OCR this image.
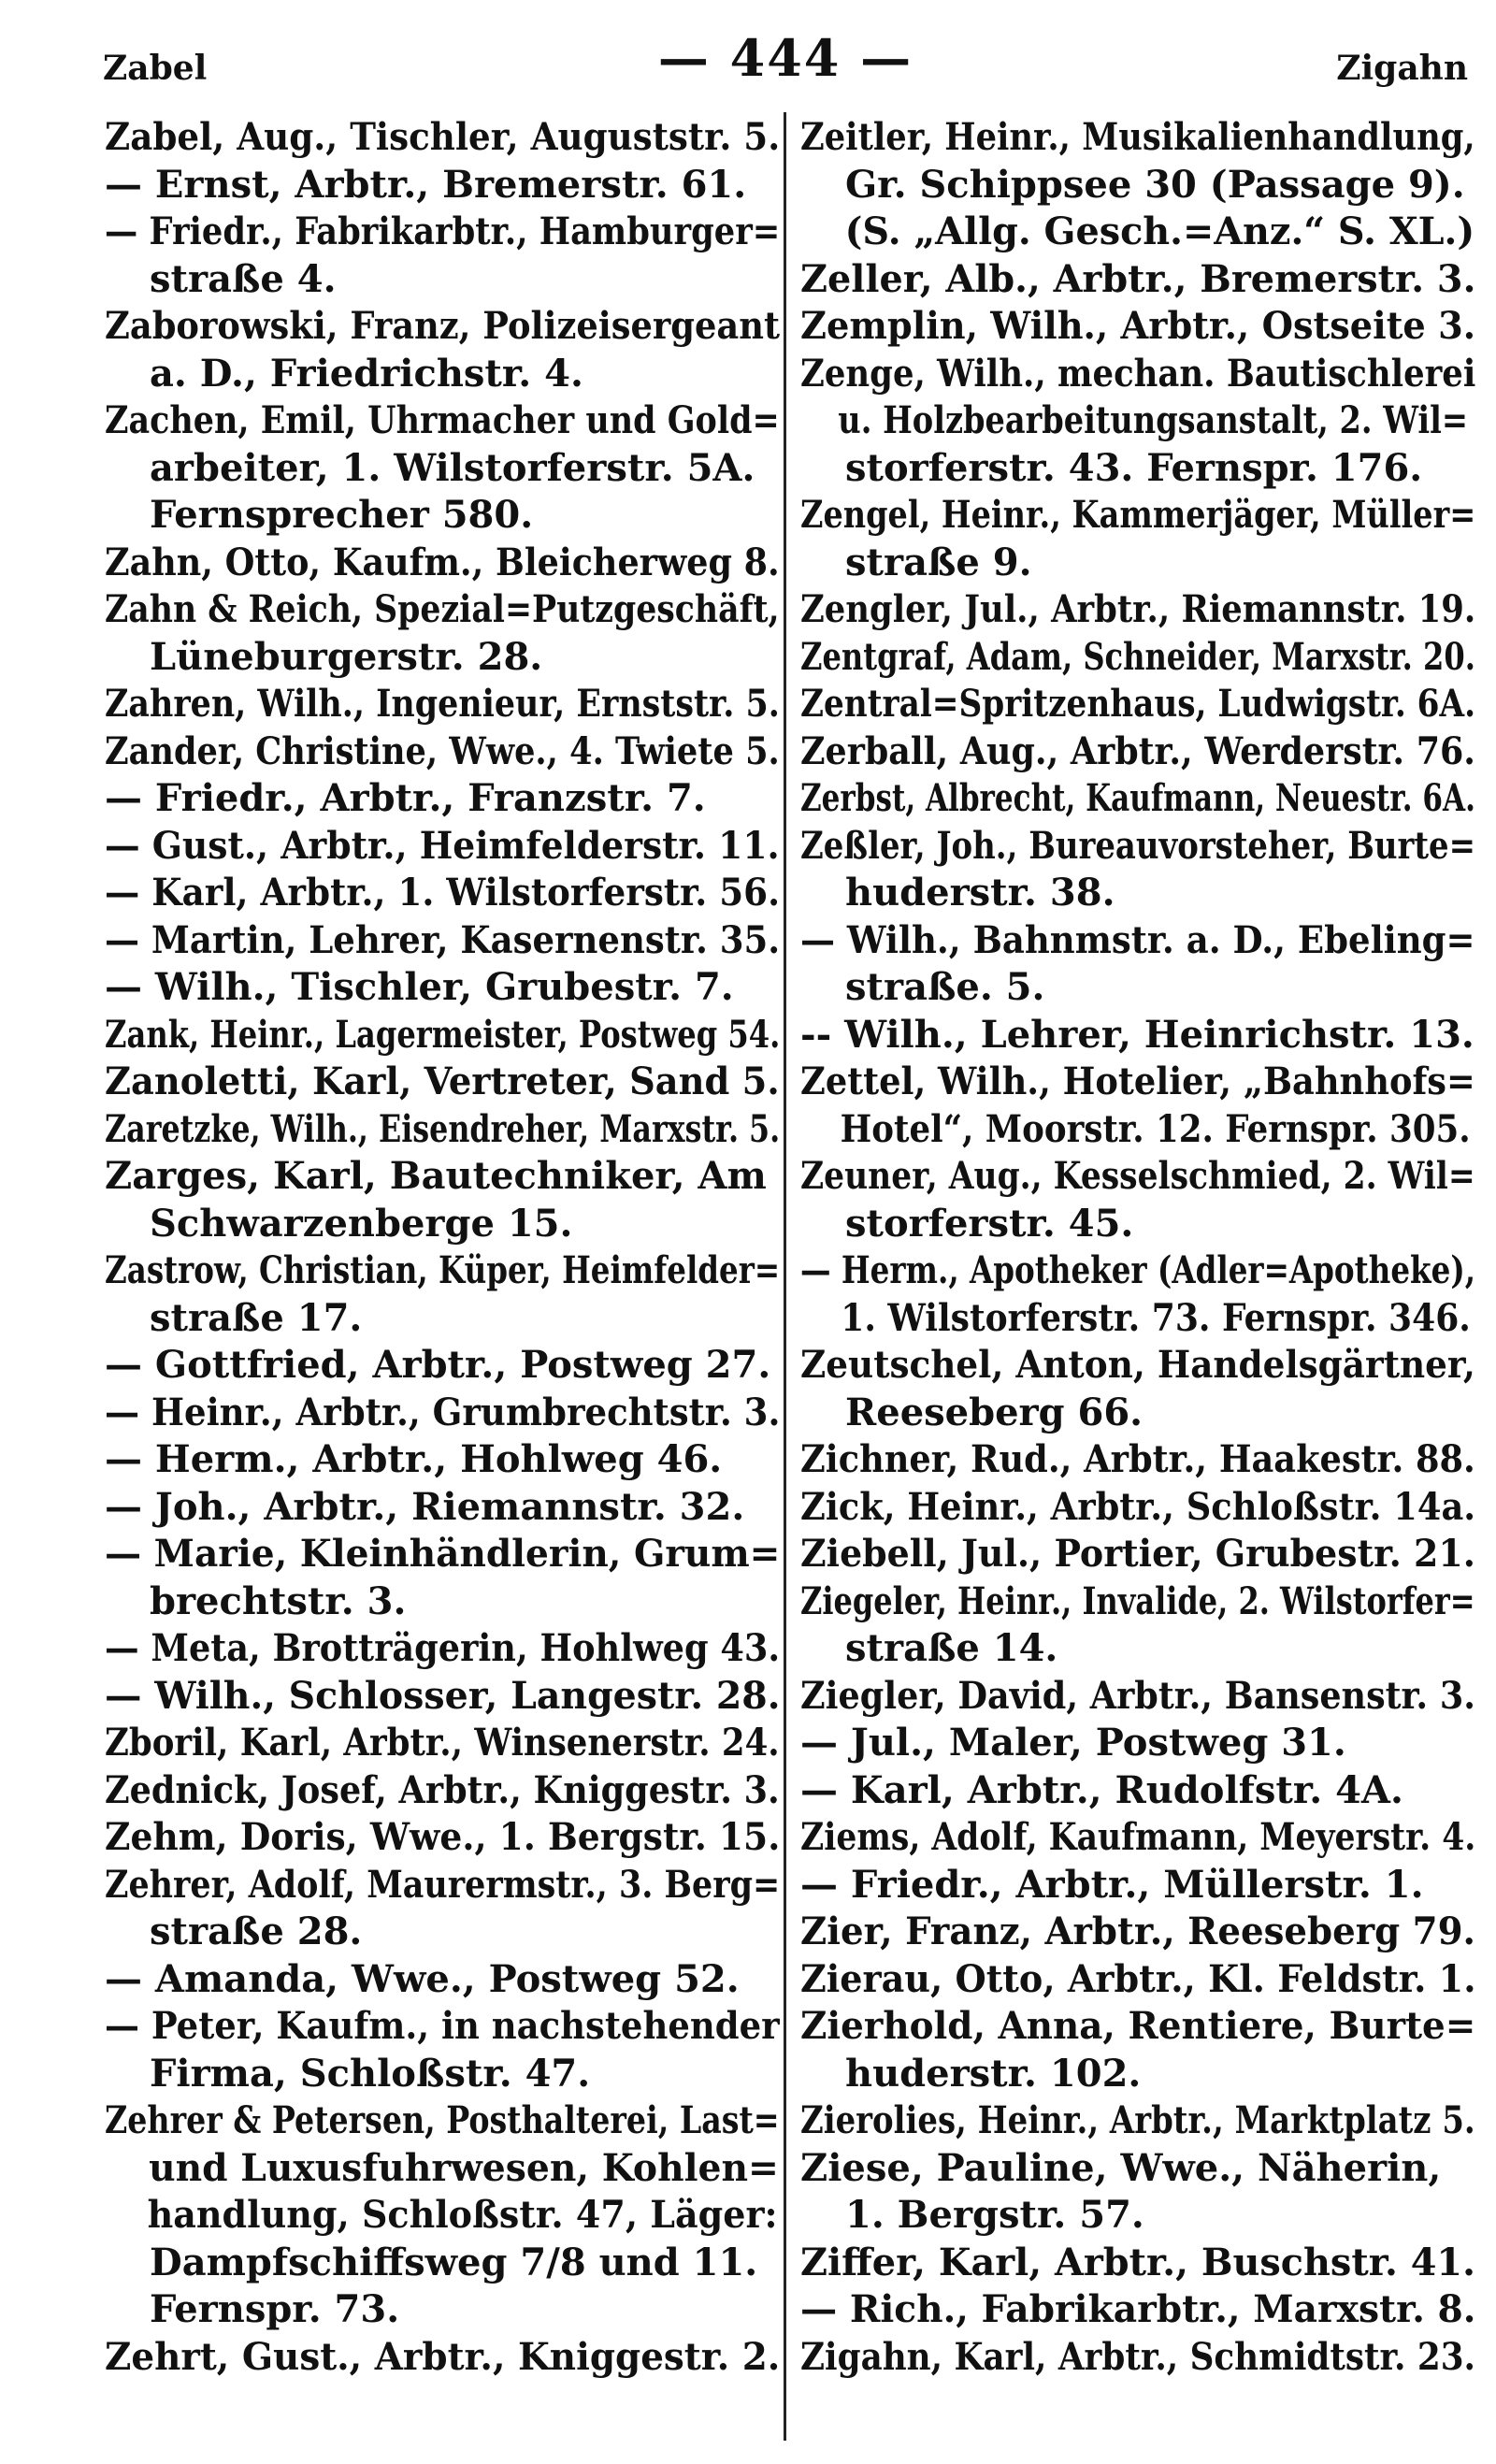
Zabel	— 444 —	Zigahn
Zabel, Aug., Tischler, Auguststr. 5.
— Ernst, Arbtr., Bremerstr. 61.
— Friedr., Fabrikarbtr., Hamburger=
straße 4.
Zaborowski, Franz, Polizeisergeant
a. D., Friedrichstr. 4.
Zachen, Emil, Uhrmacher und Gold=
arbeiter, 1. Wilstorferstr. 5A.
Fernsprecher 580.
Zahn, Otto, Kaufm., Bleicherweg 8.
Zahn & Reich, Spezial=Putzgeschäft,
Lüneburgerstr. 28.
Zahren, Wilh., Ingenieur, Ernststr. 5.
Zander, Christine, Wwe., 4. Twiete 5.
— Friedr., Arbtr., Franzstr. 7.
— Gust., Arbtr., Heimfelderstr. 11.
— Karl, Arbtr., 1. Wilstorferstr. 56.
— Martin, Lehrer, Kasernenstr. 35.
— Wilh., Tischler, Grubestr. 7.
Zank, Heinr., Lagermeister, Postweg 54.
Zanoletti, Karl, Vertreter, Sand 5.
Zaretzke, Wilh., Eisendreher, Marxstr. 5.
Zarges, Karl, Bautechniker, Am
Schwarzenberge 15.
Zastrow, Christian, Küper, Heimfelder=
straße 17.
— Gottfried, Arbtr., Postweg 27.
— Heinr., Arbtr., Grumbrechtstr. 3.
— Herm., Arbtr., Hohlweg 46.
— Joh., Arbtr., Riemannstr. 32.
— Marie, Kleinhändlerin, Grum=
brechtstr. 3.
— Meta, Brotträgerin, Hohlweg 43.
— Wilh., Schlosser, Langestr. 28.
Zboril, Karl, Arbtr., Winsenerstr. 24.
Zednick, Josef, Arbtr., Kniggestr. 3.
Zehm, Doris, Wwe., 1. Bergstr. 15.
Zehrer, Adolf, Maurermstr., 3. Berg=
straße 28.
— Amanda, Wwe., Postweg 52.
— Peter, Kaufm., in nachstehender
Firma, Schloßstr. 47.
Zehrer & Petersen, Posthalterei, Last=
und Luxusfuhrwesen, Kohlen=
handlung, Schloßstr. 47, Läger:
Dampfschiffsweg 7/8 und 11.
Fernspr. 73.
Zehrt, Gust., Arbtr., Kniggestr. 2.
Zeitler, Heinr., Musikalienhandlung,
Gr. Schippsee 30 (Passage 9).
(S. „Allg. Gesch.=Anz.“ S. XL.)
Zeller, Alb., Arbtr., Bremerstr. 3.
Zemplin, Wilh., Arbtr., Ostseite 3.
Zenge, Wilh., mechan. Bautischlerei
u. Holzbearbeitungsanstalt, 2. Wil=
storferstr. 43. Fernspr. 176.
Zengel, Heinr., Kammerjäger, Müller=
straße 9.
Zengler, Jul., Arbtr., Riemannstr. 19.
Zentgraf, Adam, Schneider, Marxstr. 20.
Zentral=Spritzenhaus, Ludwigstr. 6A.
Zerball, Aug., Arbtr., Werderstr. 76.
Zerbst, Albrecht, Kaufmann, Neuestr. 6A.
Zeßler, Joh., Bureauvorsteher, Burte=
huderstr. 38.
— Wilh., Bahnmstr. a. D., Ebeling=
straße. 5.
-- Wilh., Lehrer, Heinrichstr. 13.
Zettel, Wilh., Hotelier, „Bahnhofs=
Hotel“, Moorstr. 12. Fernspr. 305.
Zeuner, Aug., Kesselschmied, 2. Wil=
storferstr. 45.
— Herm., Apotheker (Adler=Apotheke),
1. Wilstorferstr. 73. Fernspr. 346.
Zeutschel, Anton, Handelsgärtner,
Reeseberg 66.
Zichner, Rud., Arbtr., Haakestr. 88.
Zick, Heinr., Arbtr., Schloßstr. 14a.
Ziebell, Jul., Portier, Grubestr. 21.
Ziegeler, Heinr., Invalide, 2. Wilstorfer=
straße 14.
Ziegler, David, Arbtr., Bansenstr. 3.
— Jul., Maler, Postweg 31.
— Karl, Arbtr., Rudolfstr. 4A.
Ziems, Adolf, Kaufmann, Meyerstr. 4.
— Friedr., Arbtr., Müllerstr. 1.
Zier, Franz, Arbtr., Reeseberg 79.
Zierau, Otto, Arbtr., Kl. Feldstr. 1.
Zierhold, Anna, Rentiere, Burte=
huderstr. 102.
Zierolies, Heinr., Arbtr., Marktplatz 5.
Ziese, Pauline, Wwe., Näherin,
1. Bergstr. 57.
Ziffer, Karl, Arbtr., Buschstr. 41.
— Rich., Fabrikarbtr., Marxstr. 8.
Zigahn, Karl, Arbtr., Schmidtstr. 23.
